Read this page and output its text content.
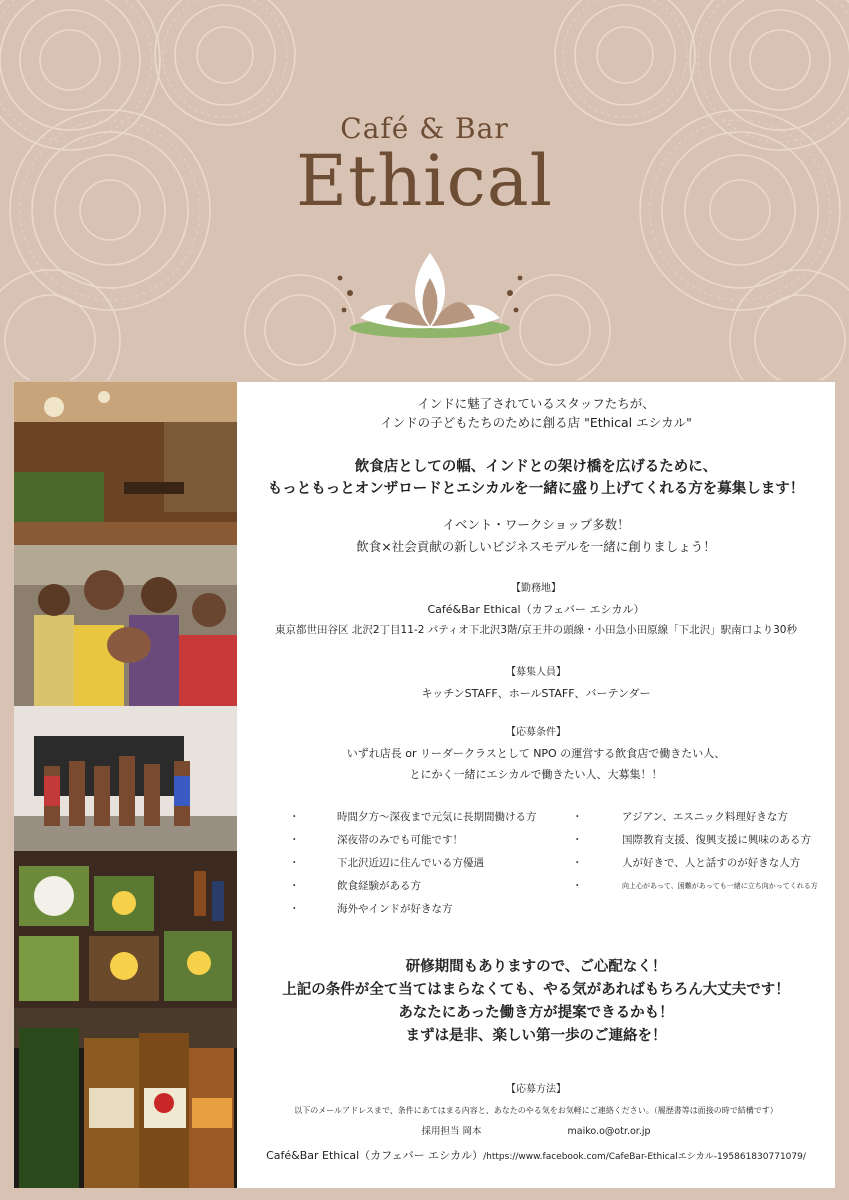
Café & Bar
Ethical

インドに魅了されているスタッフたちが、

インドの子どもたちのために創る店 "Ethical エシカル"

飲食店としての幅、インドとの架け橋を広げるために、

もっともっとオンザロードとエシカルを一緒に盛り上げてくれる方を募集します！

イベント・ワークショップ多数！

飲食×社会貢献の新しいビジネスモデルを一緒に創りましょう！

【勤務地】

Café&Bar Ethical（カフェバー エシカル）

東京都世田谷区 北沢2丁目11-2 パティオ下北沢3階/京王井の頭線・小田急小田原線「下北沢」駅南口より30秒

【募集人員】

キッチンSTAFF、ホールSTAFF、バーテンダー

【応募条件】

いずれ店長 or リーダークラスとして NPO の運営する飲食店で働きたい人、

とにかく一緒にエシカルで働きたい人、大募集！！

・	時間夕方～深夜まで元気に長期間働ける方
・	深夜帯のみでも可能です！
・	下北沢近辺に住んでいる方優遇
・	飲食経験がある方
・	海外やインドが好きな方
・	アジアン、エスニック料理好きな方
・	国際教育支援、復興支援に興味のある方
・	人が好きで、人と話すのが好きな人方
・	向上心があって、困難があっても一緒に立ち向かってくれる方

研修期間もありますので、ご心配なく！

上記の条件が全て当てはまらなくても、やる気があればもちろん大丈夫です！

あなたにあった働き方が提案できるかも！

まずは是非、楽しい第一歩のご連絡を！

【応募方法】

以下のメールアドレスまで、条件にあてはまる内容と、あなたのやる気をお気軽にご連絡ください。（履歴書等は面接の時で結構です）

採用担当 岡本	maiko.o@otr.or.jp

Café&Bar Ethical（カフェバー エシカル）/https://www.facebook.com/CafeBar-Ethicalエシカル-195861830771079/
